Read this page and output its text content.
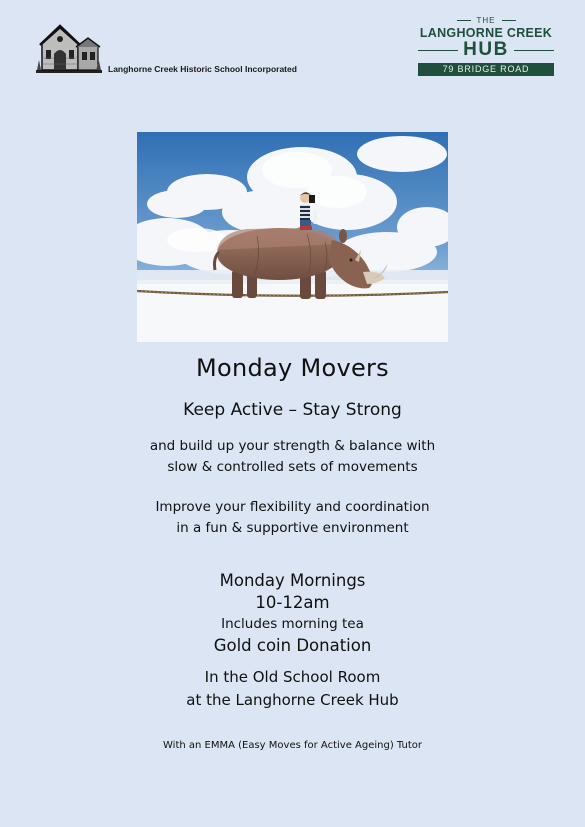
Langhorne Creek Historic School Incorporated
THE
LANGHORNE CREEK
HUB
79 BRIDGE ROAD
Monday Movers
Keep Active – Stay Strong
and build up your strength & balance with
slow & controlled sets of movements
Improve your flexibility and coordination
in a fun & supportive environment
Monday Mornings
10-12am
Includes morning tea
Gold coin Donation
In the Old School Room
at the Langhorne Creek Hub
With an EMMA (Easy Moves for Active Ageing) Tutor
